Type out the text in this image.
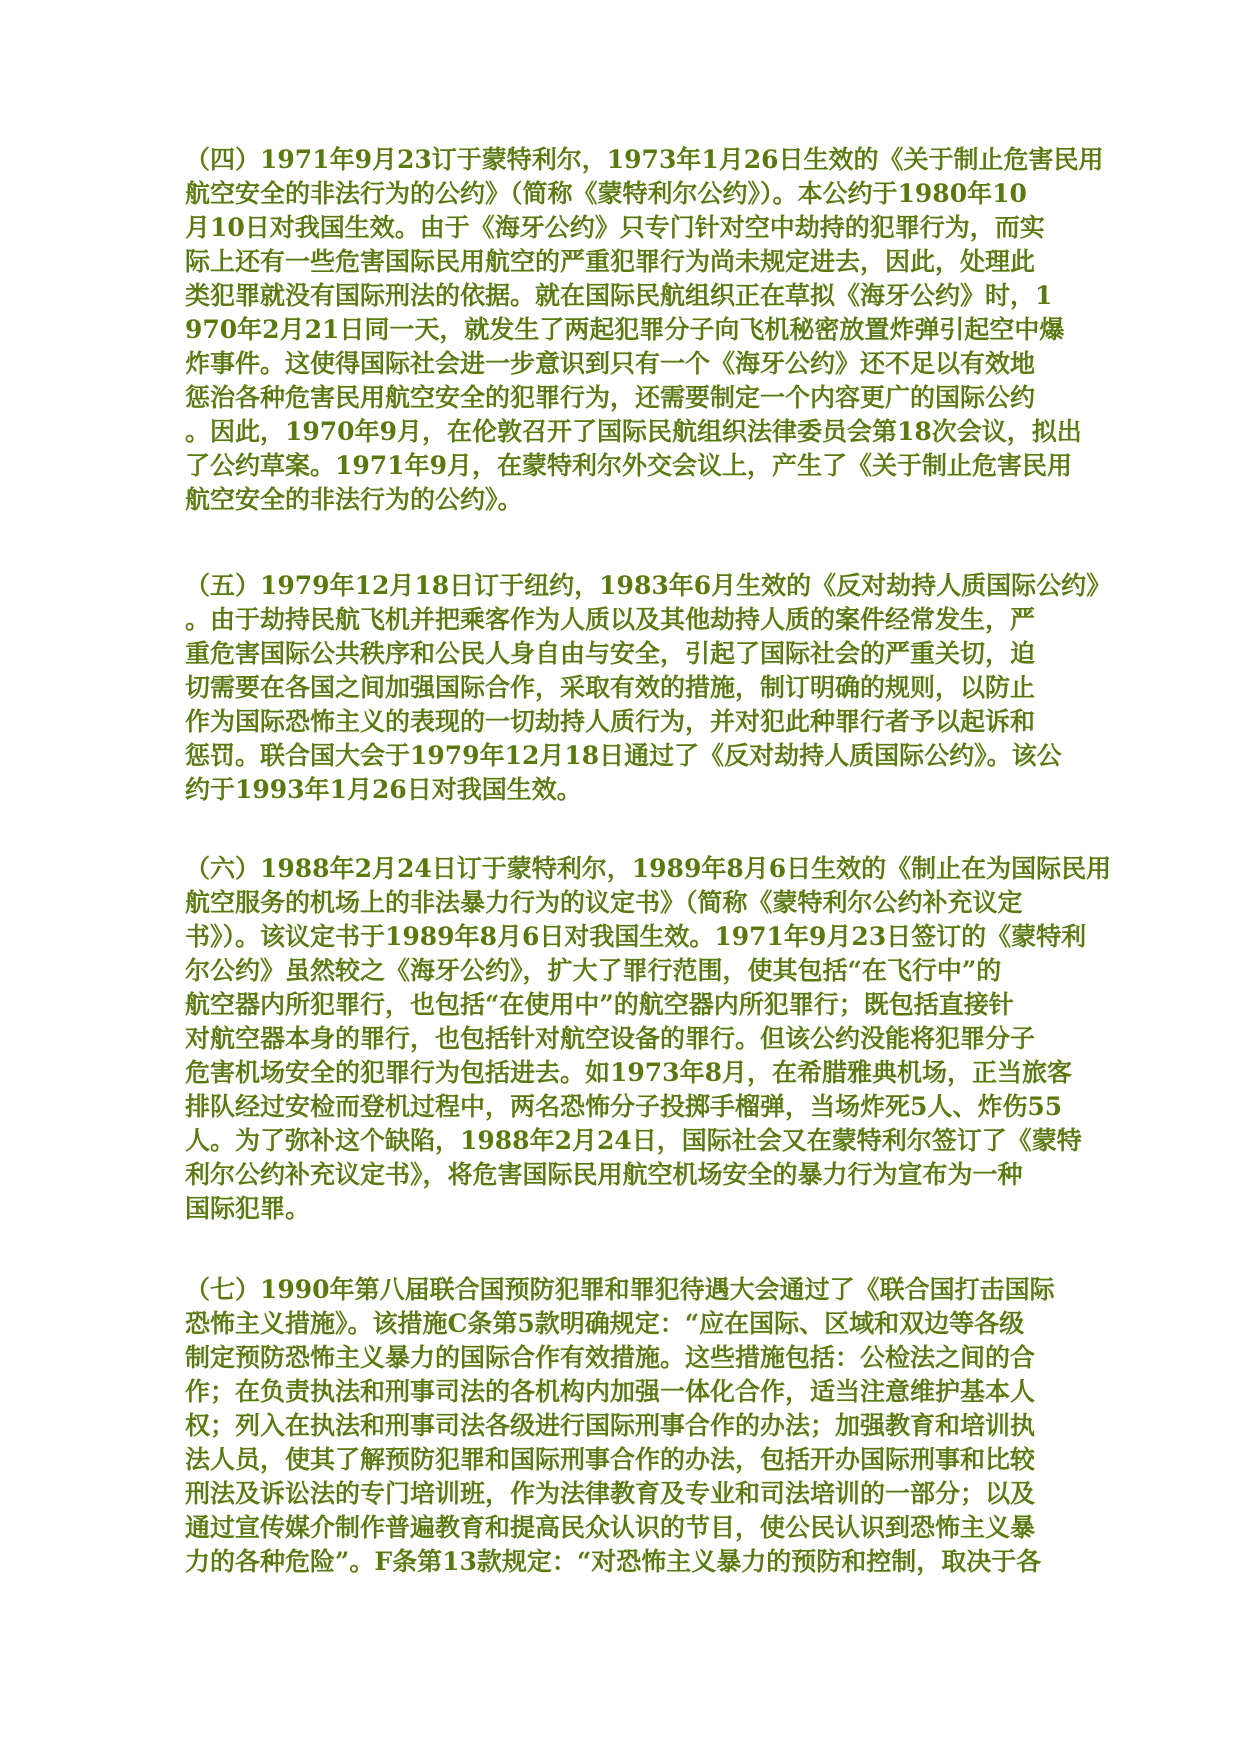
（四）1971年9月23订于蒙特利尔，1973年1月26日生效的《关于制止危害民用
航空安全的非法行为的公约》（简称《蒙特利尔公约》）。本公约于1980年10
月10日对我国生效。由于《海牙公约》只专门针对空中劫持的犯罪行为，而实
际上还有一些危害国际民用航空的严重犯罪行为尚未规定进去，因此，处理此
类犯罪就没有国际刑法的依据。就在国际民航组织正在草拟《海牙公约》时，1
970年2月21日同一天，就发生了两起犯罪分子向飞机秘密放置炸弹引起空中爆
炸事件。这使得国际社会进一步意识到只有一个《海牙公约》还不足以有效地
惩治各种危害民用航空安全的犯罪行为，还需要制定一个内容更广的国际公约
。因此，1970年9月，在伦敦召开了国际民航组织法律委员会第18次会议，拟出
了公约草案。1971年9月，在蒙特利尔外交会议上，产生了《关于制止危害民用
航空安全的非法行为的公约》。
（五）1979年12月18日订于纽约，1983年6月生效的《反对劫持人质国际公约》
。由于劫持民航飞机并把乘客作为人质以及其他劫持人质的案件经常发生，严
重危害国际公共秩序和公民人身自由与安全，引起了国际社会的严重关切，迫
切需要在各国之间加强国际合作，采取有效的措施，制订明确的规则，以防止
作为国际恐怖主义的表现的一切劫持人质行为，并对犯此种罪行者予以起诉和
惩罚。联合国大会于1979年12月18日通过了《反对劫持人质国际公约》。该公
约于1993年1月26日对我国生效。
（六）1988年2月24日订于蒙特利尔，1989年8月6日生效的《制止在为国际民用
航空服务的机场上的非法暴力行为的议定书》（简称《蒙特利尔公约补充议定
书》）。该议定书于1989年8月6日对我国生效。1971年9月23日签订的《蒙特利
尔公约》虽然较之《海牙公约》，扩大了罪行范围，使其包括“在飞行中”的
航空器内所犯罪行，也包括“在使用中”的航空器内所犯罪行；既包括直接针
对航空器本身的罪行，也包括针对航空设备的罪行。但该公约没能将犯罪分子
危害机场安全的犯罪行为包括进去。如1973年8月，在希腊雅典机场，正当旅客
排队经过安检而登机过程中，两名恐怖分子投掷手榴弹，当场炸死5人、炸伤55
人。为了弥补这个缺陷，1988年2月24日，国际社会又在蒙特利尔签订了《蒙特
利尔公约补充议定书》，将危害国际民用航空机场安全的暴力行为宣布为一种
国际犯罪。
（七）1990年第八届联合国预防犯罪和罪犯待遇大会通过了《联合国打击国际
恐怖主义措施》。该措施C条第5款明确规定：“应在国际、区域和双边等各级
制定预防恐怖主义暴力的国际合作有效措施。这些措施包括：公检法之间的合
作；在负责执法和刑事司法的各机构内加强一体化合作，适当注意维护基本人
权；列入在执法和刑事司法各级进行国际刑事合作的办法；加强教育和培训执
法人员，使其了解预防犯罪和国际刑事合作的办法，包括开办国际刑事和比较
刑法及诉讼法的专门培训班，作为法律教育及专业和司法培训的一部分；以及
通过宣传媒介制作普遍教育和提高民众认识的节目，使公民认识到恐怖主义暴
力的各种危险”。F条第13款规定：“对恐怖主义暴力的预防和控制，取决于各
